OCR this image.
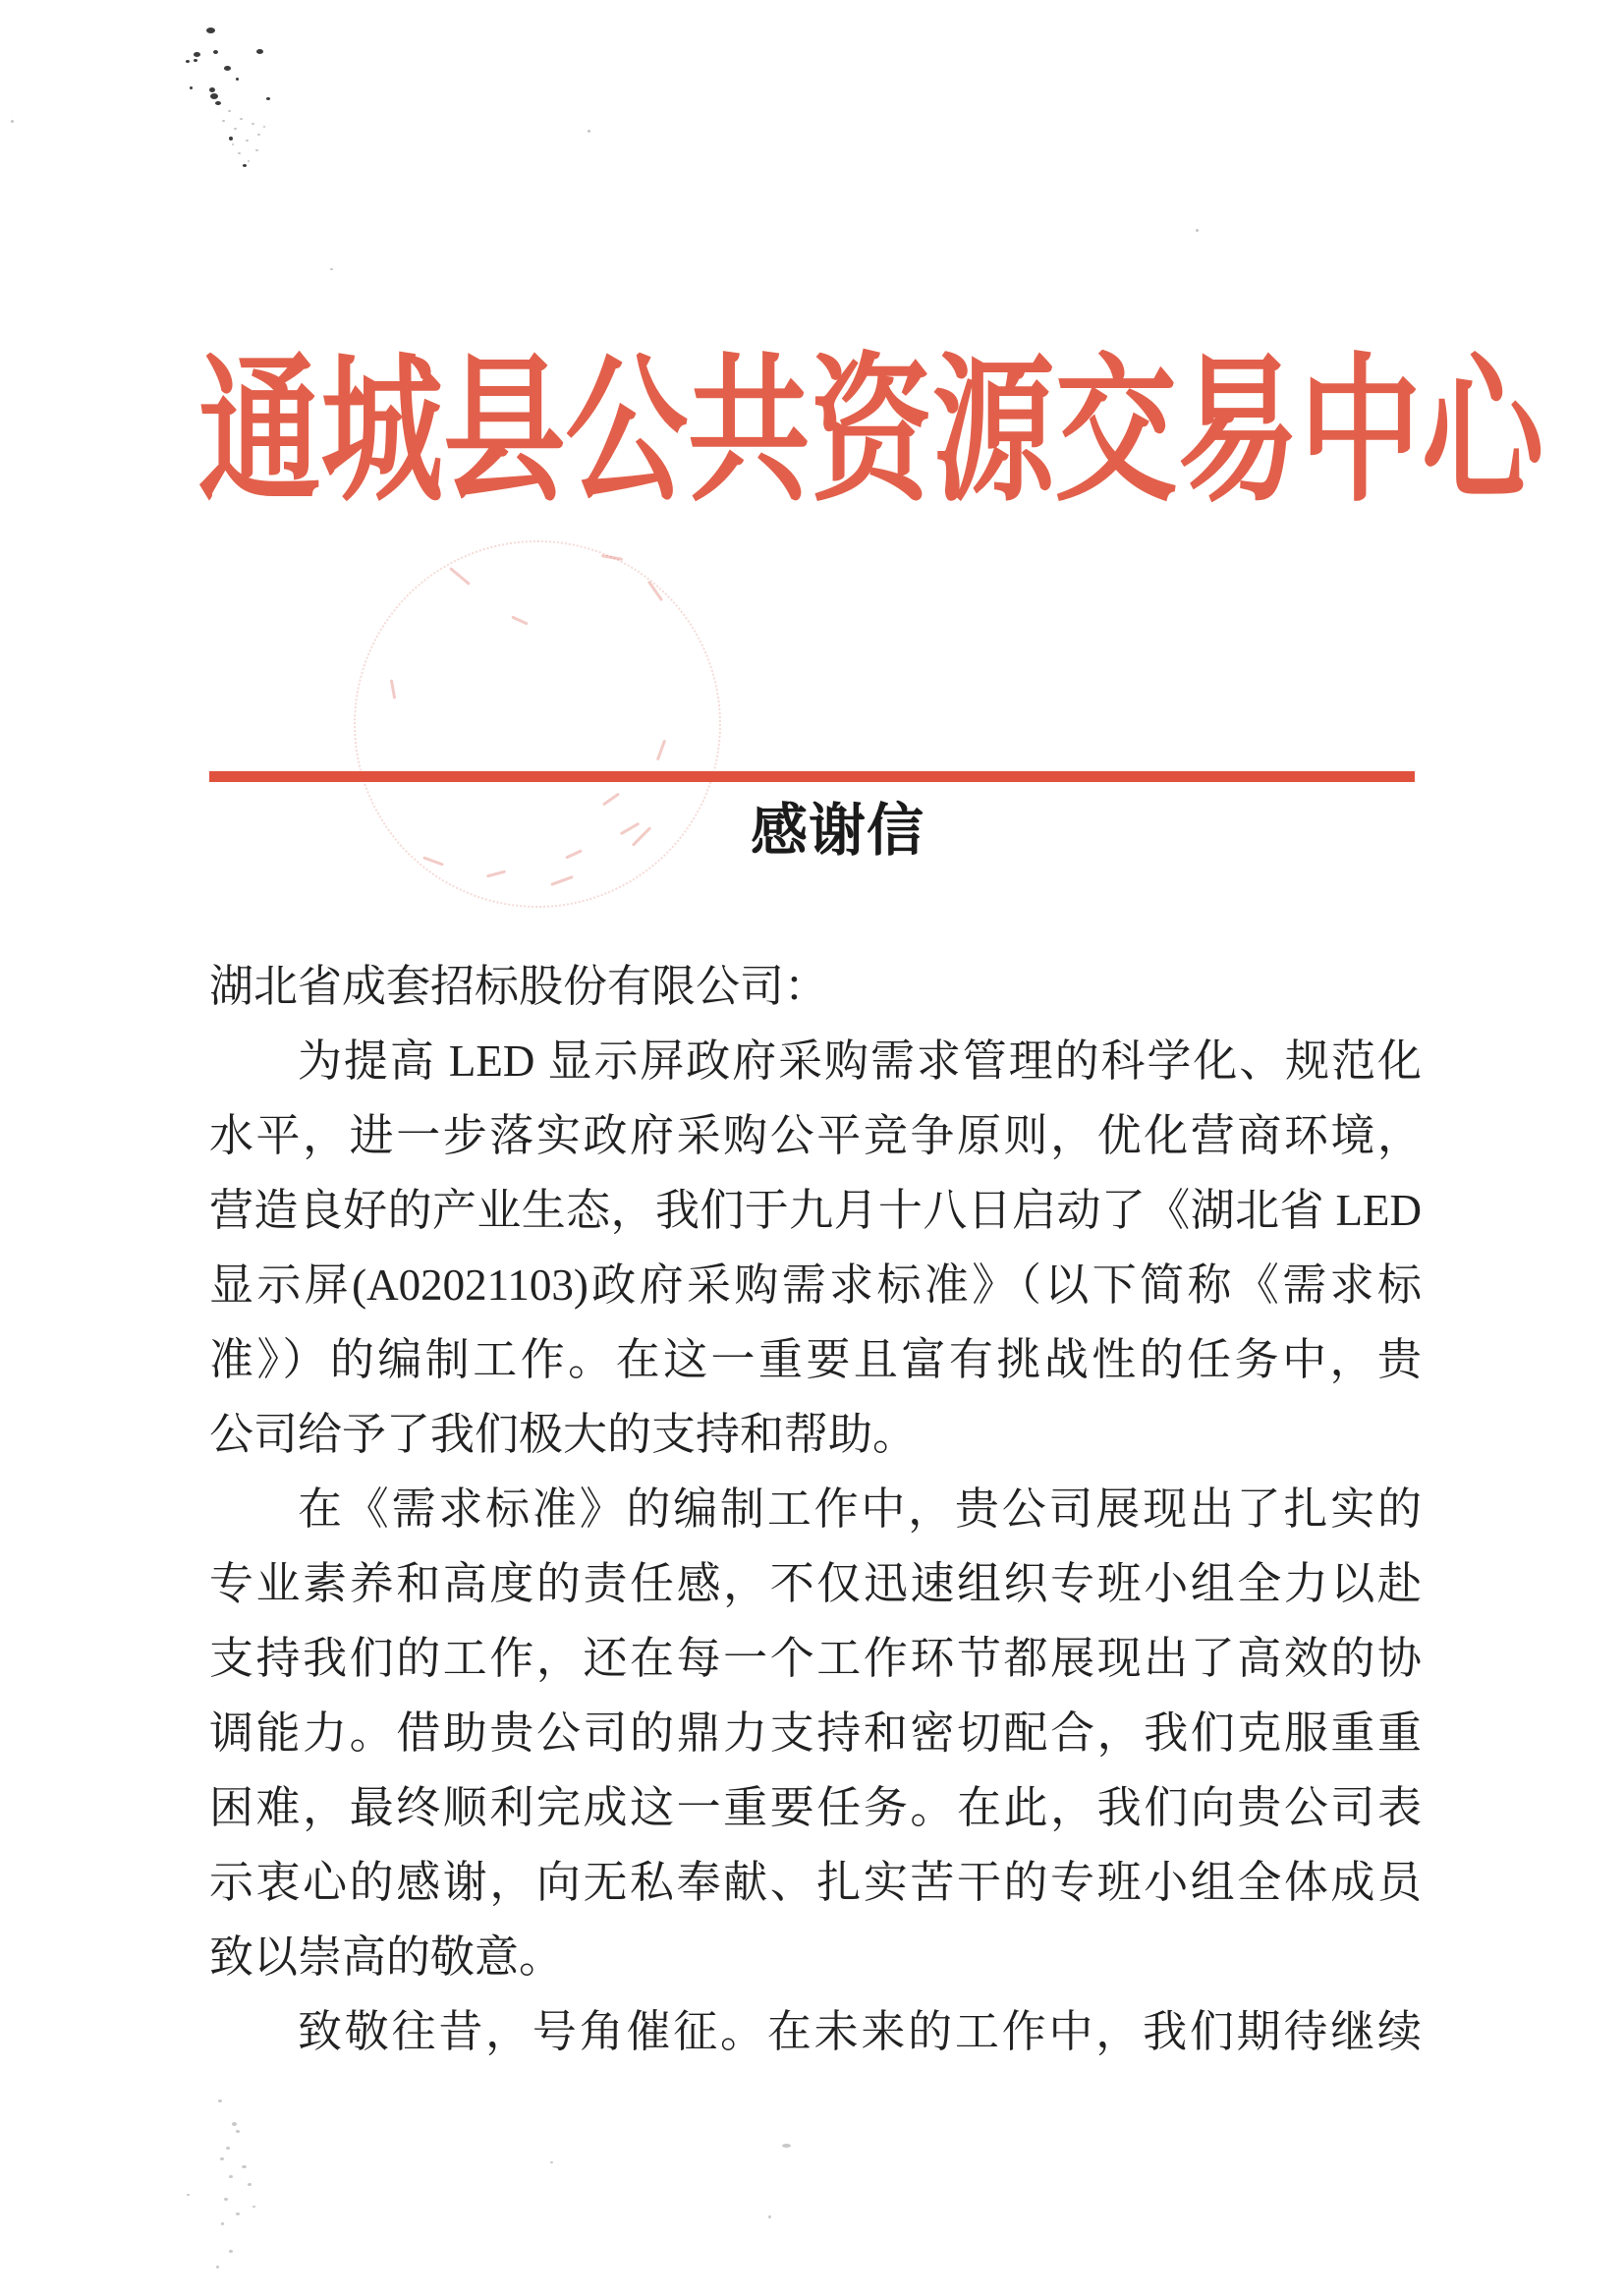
通城县公共资源交易中心
感谢信
湖北省成套招标股份有限公司：
为提高 LED 显示屏政府采购需求管理的科学化、规范化
水平，进一步落实政府采购公平竞争原则，优化营商环境，
营造良好的产业生态，我们于九月十八日启动了《湖北省 LED
显示屏(A02021103)政府采购需求标准》（以下简称《需求标
准》）的编制工作。在这一重要且富有挑战性的任务中，贵
公司给予了我们极大的支持和帮助。
在《需求标准》的编制工作中，贵公司展现出了扎实的
专业素养和高度的责任感，不仅迅速组织专班小组全力以赴
支持我们的工作，还在每一个工作环节都展现出了高效的协
调能力。借助贵公司的鼎力支持和密切配合，我们克服重重
困难，最终顺利完成这一重要任务。在此，我们向贵公司表
示衷心的感谢，向无私奉献、扎实苦干的专班小组全体成员
致以崇高的敬意。
致敬往昔，号角催征。在未来的工作中，我们期待继续
